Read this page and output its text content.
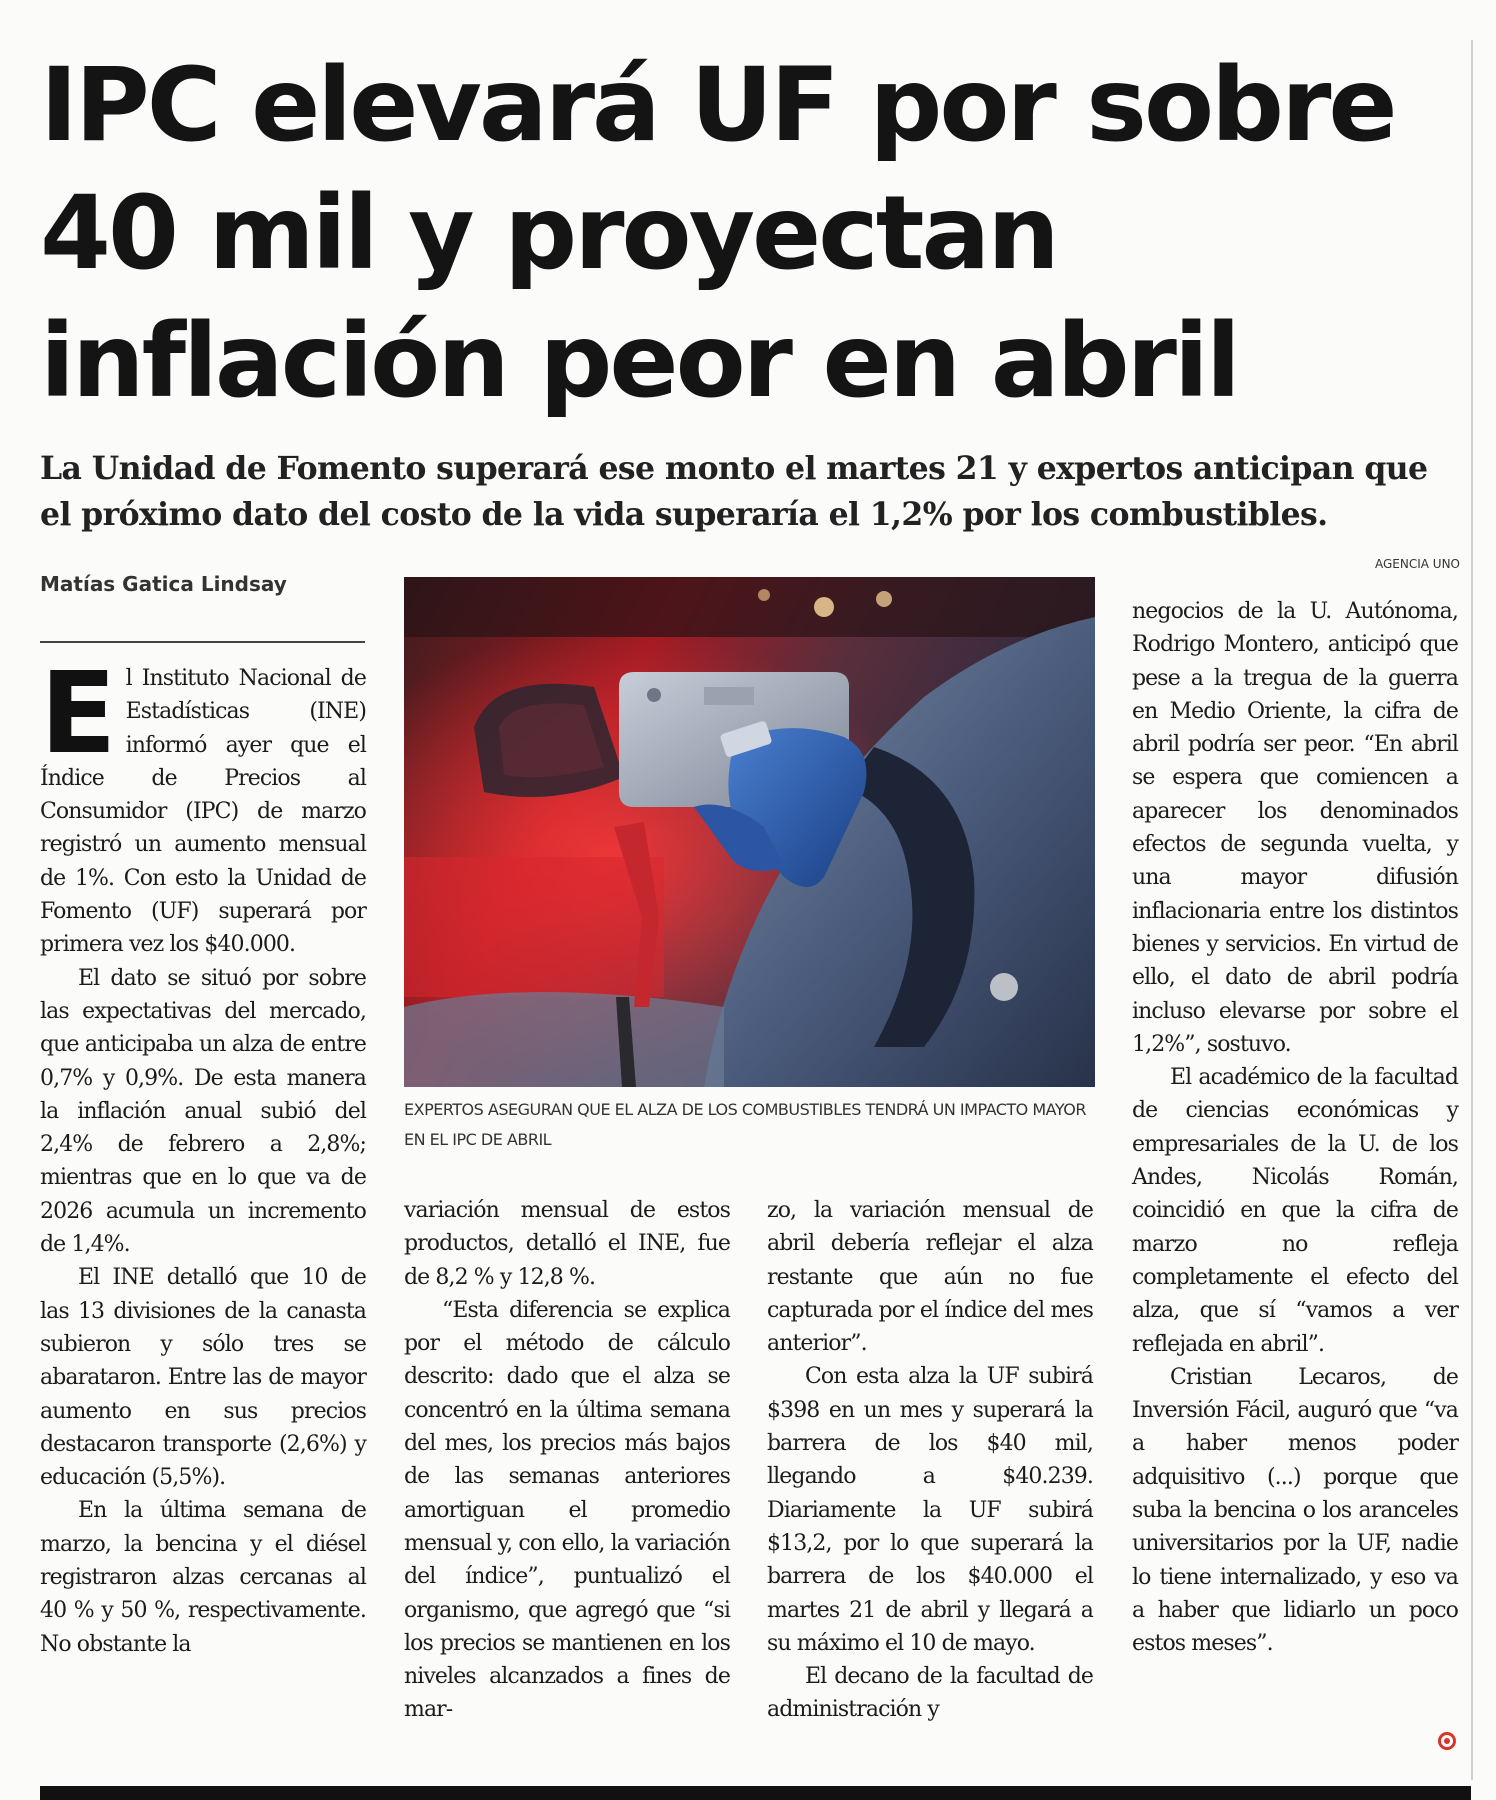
IPC elevará UF por sobre 40 mil y proyectan inflación peor en abril
La Unidad de Fomento superará ese monto el martes 21 y expertos anticipan que el próximo dato del costo de la vida superaría el 1,2% por los combustibles.
AGENCIA UNO
Matías Gatica Lindsay
EXPERTOS ASEGURAN QUE EL ALZA DE LOS COMBUSTIBLES TENDRÁ UN IMPACTO MAYOR EN EL IPC DE ABRIL

El Instituto Nacional de Estadísticas (INE) informó ayer que el Índice de Precios al Consumidor (IPC) de marzo registró un aumento mensual de 1%. Con esto la Unidad de Fomento (UF) superará por primera vez los $40.000.

El dato se situó por sobre las expectativas del mercado, que anticipaba un alza de entre 0,7% y 0,9%. De esta manera la inflación anual subió del 2,4% de febrero a 2,8%; mientras que en lo que va de 2026 acumula un incremento de 1,4%.

El INE detalló que 10 de las 13 divisiones de la canasta subieron y sólo tres se abarataron. Entre las de mayor aumento en sus precios destacaron transporte (2,6%) y educación (5,5%).

En la última semana de marzo, la bencina y el diésel registraron alzas cercanas al 40 % y 50 %, respectivamente. No obstante la

variación mensual de estos productos, detalló el INE, fue de 8,2 % y 12,8 %.

“Esta diferencia se explica por el método de cálculo descrito: dado que el alza se concentró en la última semana del mes, los precios más bajos de las semanas anteriores amortiguan el promedio mensual y, con ello, la variación del índice”, puntualizó el organismo, que agregó que “si los precios se mantienen en los niveles alcanzados a fines de mar-

zo, la variación mensual de abril debería reflejar el alza restante que aún no fue capturada por el índice del mes anterior”.

Con esta alza la UF subirá $398 en un mes y superará la barrera de los $40 mil, llegando a $40.239. Diariamente la UF subirá $13,2, por lo que superará la barrera de los $40.000 el martes 21 de abril y llegará a su máximo el 10 de mayo.

El decano de la facultad de administración y

negocios de la U. Autónoma, Rodrigo Montero, anticipó que pese a la tregua de la guerra en Medio Oriente, la cifra de abril podría ser peor. “En abril se espera que comiencen a aparecer los denominados efectos de segunda vuelta, y una mayor difusión inflacionaria entre los distintos bienes y servicios. En virtud de ello, el dato de abril podría incluso elevarse por sobre el 1,2%”, sostuvo.

El académico de la facultad de ciencias económicas y empresariales de la U. de los Andes, Nicolás Román, coincidió en que la cifra de marzo no refleja completamente el efecto del alza, que sí “vamos a ver reflejada en abril”.

Cristian Lecaros, de Inversión Fácil, auguró que “va a haber menos poder adquisitivo (...) porque que suba la bencina o los aranceles universitarios por la UF, nadie lo tiene internalizado, y eso va a haber que lidiarlo un poco estos meses”.
